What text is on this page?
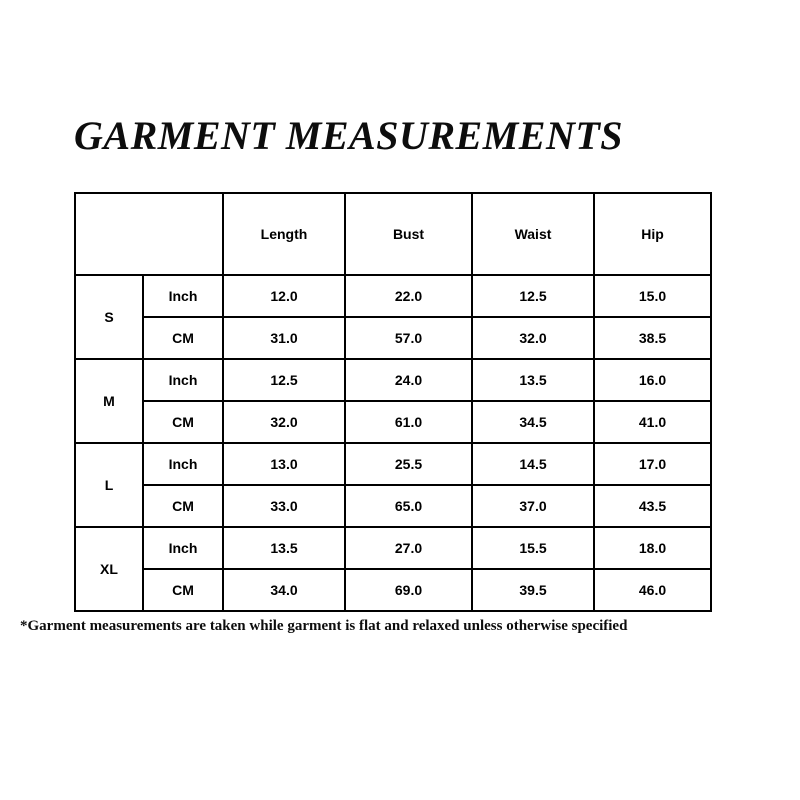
GARMENT MEASUREMENTS
Unit:
Inch
CM		Length	Bust	Waist	Hip
S	Inch	12.0	22.0	12.5	15.0
	CM	31.0	57.0	32.0	38.5
M	Inch	12.5	24.0	13.5	16.0
	CM	32.0	61.0	34.5	41.0
L	Inch	13.0	25.5	14.5	17.0
	CM	33.0	65.0	37.0	43.5
XL	Inch	13.5	27.0	15.5	18.0
	CM	34.0	69.0	39.5	46.0
*Garment measurements are taken while garment is flat and relaxed unless otherwise specified
